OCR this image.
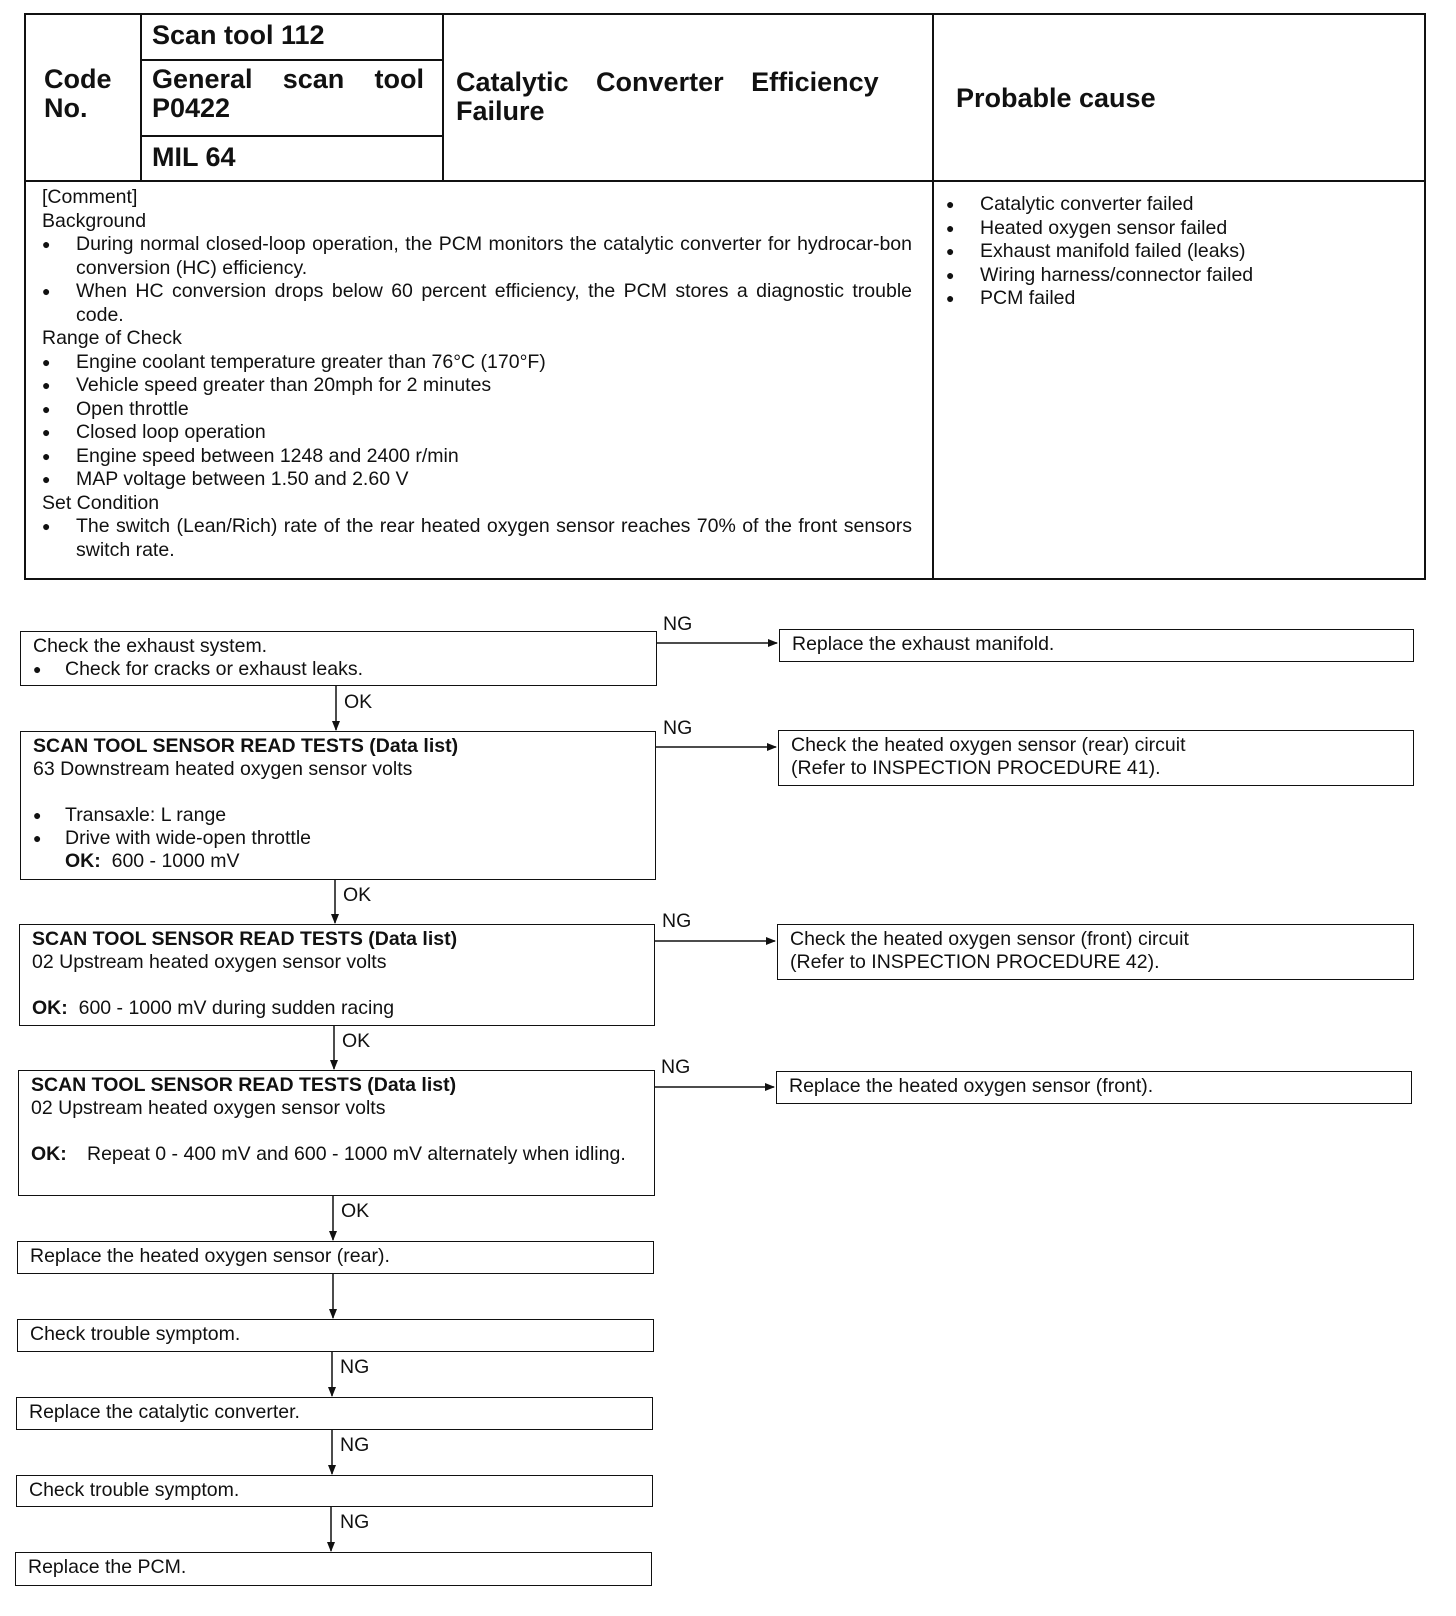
Code No.
Scan tool 112
General scan tool P0422
MIL 64
Catalytic Converter Efficiency Failure	Probable cause
[Comment]
Background
● During normal closed-loop operation, the PCM monitors the catalytic converter for hydrocar-bon conversion (HC) efficiency.
● When HC conversion drops below 60 percent efficiency, the PCM stores a diagnostic trouble code.
Range of Check
● Engine coolant temperature greater than 76°C (170°F)
● Vehicle speed greater than 20mph for 2 minutes
● Open throttle
● Closed loop operation
● Engine speed between 1248 and 2400 r/min
● MAP voltage between 1.50 and 2.60 V
Set Condition
● The switch (Lean/Rich) rate of the rear heated oxygen sensor reaches 70% of the front sensors switch rate.
● Catalytic converter failed
● Heated oxygen sensor failed
● Exhaust manifold failed (leaks)
● Wiring harness/connector failed
● PCM failed
Check the exhaust system.
● Check for cracks or exhaust leaks.
NG
Replace the exhaust manifold.
OK
SCAN TOOL SENSOR READ TESTS (Data list)
63 Downstream heated oxygen sensor volts
● Transaxle: L range
● Drive with wide-open throttle
OK: 600 - 1000 mV
NG
Check the heated oxygen sensor (rear) circuit
(Refer to INSPECTION PROCEDURE 41).
OK
SCAN TOOL SENSOR READ TESTS (Data list)
02 Upstream heated oxygen sensor volts
OK: 600 - 1000 mV during sudden racing
NG
Check the heated oxygen sensor (front) circuit
(Refer to INSPECTION PROCEDURE 42).
OK
SCAN TOOL SENSOR READ TESTS (Data list)
02 Upstream heated oxygen sensor volts
OK:	Repeat 0 - 400 mV and 600 - 1000 mV alternately when idling.
NG
Replace the heated oxygen sensor (front).
OK
Replace the heated oxygen sensor (rear).
Check trouble symptom.
NG
Replace the catalytic converter.
NG
Check trouble symptom.
NG
Replace the PCM.
